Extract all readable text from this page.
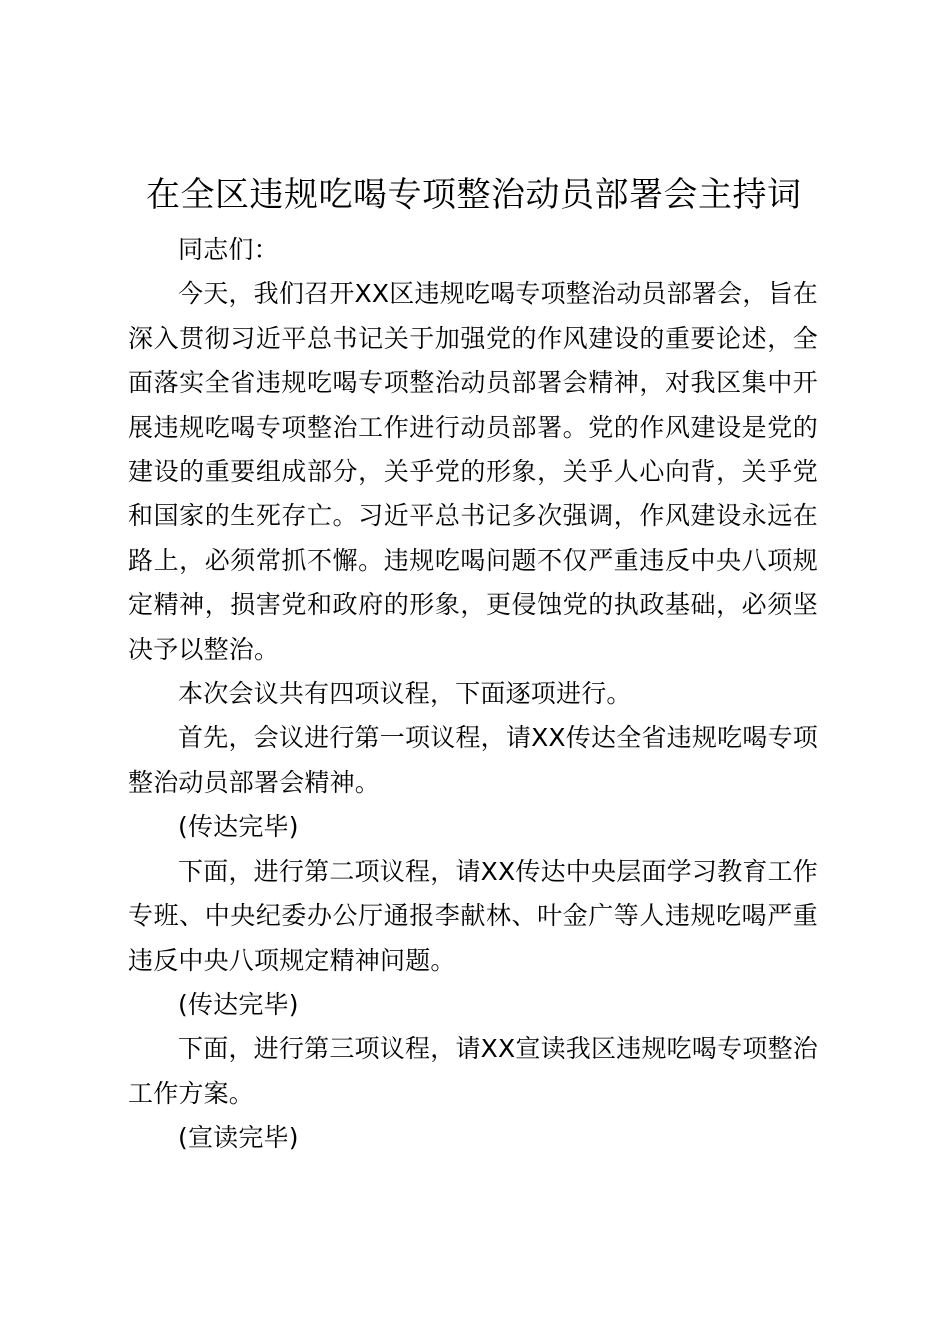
在全区违规吃喝专项整治动员部署会主持词

同志们：

今天，我们召开XX区违规吃喝专项整治动员部署会，旨在深入贯彻习近平总书记关于加强党的作风建设的重要论述，全面落实全省违规吃喝专项整治动员部署会精神，对我区集中开展违规吃喝专项整治工作进行动员部署。党的作风建设是党的建设的重要组成部分，关乎党的形象，关乎人心向背，关乎党和国家的生死存亡。习近平总书记多次强调，作风建设永远在路上，必须常抓不懈。违规吃喝问题不仅严重违反中央八项规定精神，损害党和政府的形象，更侵蚀党的执政基础，必须坚决予以整治。

本次会议共有四项议程，下面逐项进行。

首先，会议进行第一项议程，请XX传达全省违规吃喝专项整治动员部署会精神。

(传达完毕)

下面，进行第二项议程，请XX传达中央层面学习教育工作专班、中央纪委办公厅通报李献林、叶金广等人违规吃喝严重违反中央八项规定精神问题。

(传达完毕)

下面，进行第三项议程，请XX宣读我区违规吃喝专项整治工作方案。

(宣读完毕)
